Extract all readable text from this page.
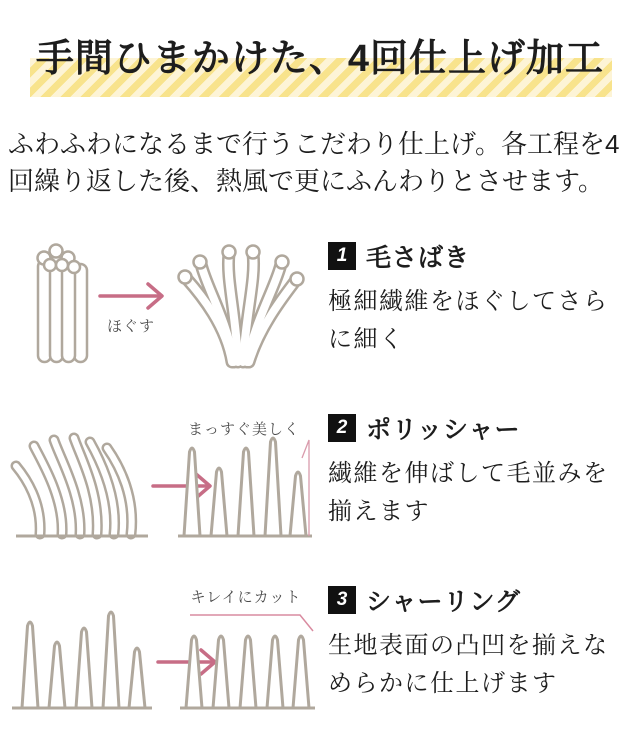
手間ひまかけた、4回仕上げ加工

ふわふわになるまで行うこだわり仕上げ。各工程を4回繰り返した後、熱風で更にふんわりとさせます。

ほぐす
1 毛さばき
極細繊維をほぐしてさらに細く
まっすぐ美しく	2 ポリッシャー
繊維を伸ばして毛並みを揃えます
キレイにカット	3 シャーリング
生地表面の凸凹を揃えなめらかに仕上げます
